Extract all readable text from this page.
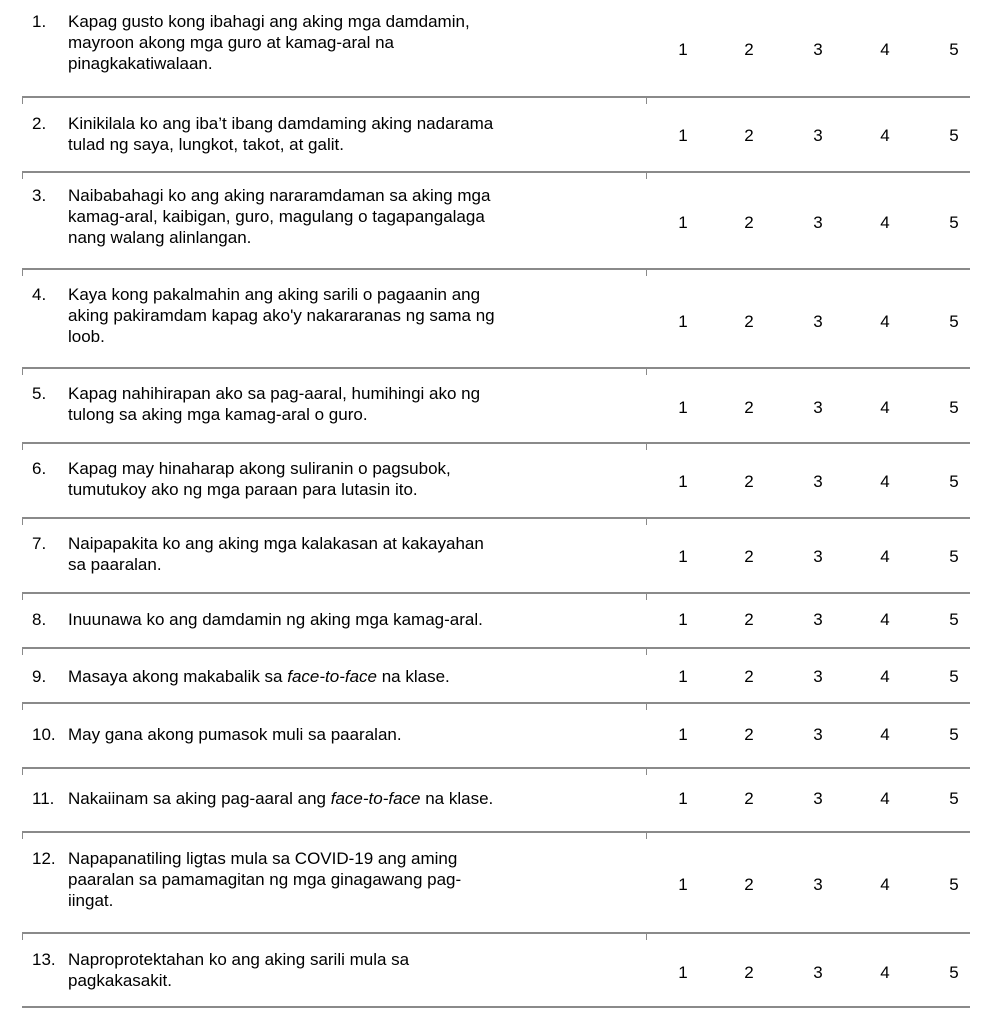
1. Kapag gusto kong ibahagi ang aking mga damdamin,
mayroon akong mga guro at kamag-aral na
pinagkakatiwalaan.
1	2	3	4	5
2. Kinikilala ko ang iba’t ibang damdaming aking nadarama
tulad ng saya, lungkot, takot, at galit.	1	2	3	4	5
3. Naibabahagi ko ang aking nararamdaman sa aking mga
kamag-aral, kaibigan, guro, magulang o tagapangalaga
nang walang alinlangan.
1	2	3	4	5
4. Kaya kong pakalmahin ang aking sarili o pagaanin ang
aking pakiramdam kapag ako'y nakararanas ng sama ng
loob.
1	2	3	4	5
5. Kapag nahihirapan ako sa pag-aaral, humihingi ako ng
tulong sa aking mga kamag-aral o guro.	1	2	3	4	5
6. Kapag may hinaharap akong suliranin o pagsubok,
tumutukoy ako ng mga paraan para lutasin ito.	1	2	3	4	5
7. Naipapakita ko ang aking mga kalakasan at kakayahan
sa paaralan.	1	2	3	4	5
8. Inuunawa ko ang damdamin ng aking mga kamag-aral.	1	2	3	4	5
9. Masaya akong makabalik sa face-to-face na klase.	1	2	3	4	5
10. May gana akong pumasok muli sa paaralan.	1	2	3	4	5
11. Nakaiinam sa aking pag-aaral ang face-to-face na klase.	1	2	3	4	5
12. Napapanatiling ligtas mula sa COVID-19 ang aming
paaralan sa pamamagitan ng mga ginagawang pag-
iingat.
1	2	3	4	5
13. Naproprotektahan ko ang aking sarili mula sa
pagkakasakit.	1	2	3	4	5
